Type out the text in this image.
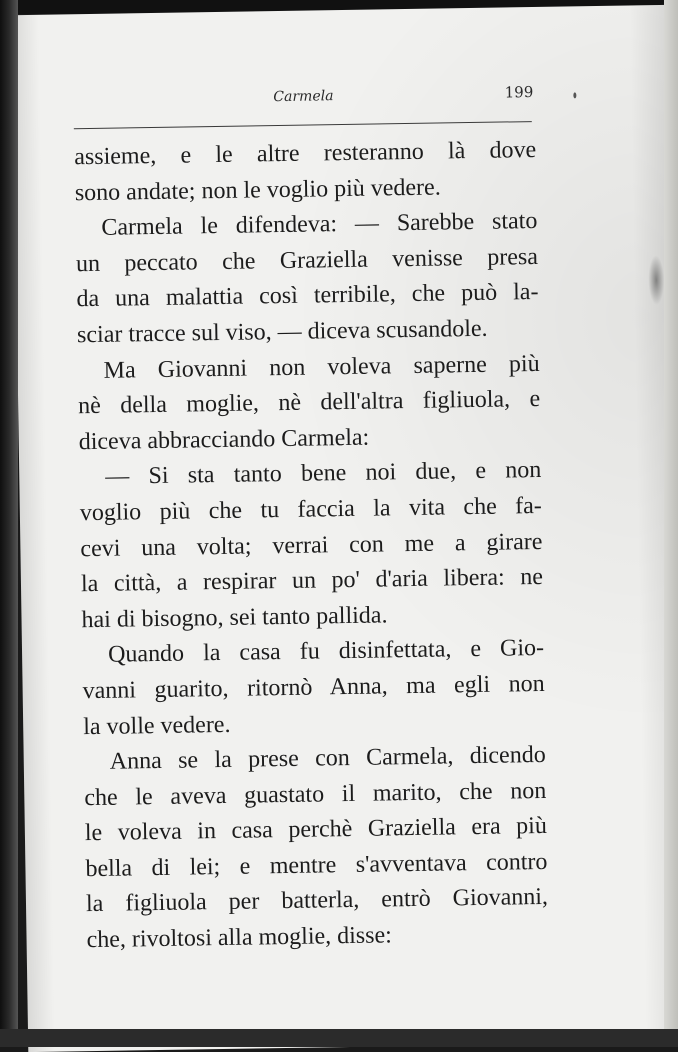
Carmela	199
assieme, e le altre resteranno là dove
sono andate; non le voglio più vedere.
Carmela le difendeva: — Sarebbe stato
un peccato che Graziella venisse presa
da una malattia così terribile, che può la-
sciar tracce sul viso, — diceva scusandole.
Ma Giovanni non voleva saperne più
nè della moglie, nè dell'altra figliuola, e
diceva abbracciando Carmela:
— Si sta tanto bene noi due, e non
voglio più che tu faccia la vita che fa-
cevi una volta; verrai con me a girare
la città, a respirar un po' d'aria libera: ne
hai di bisogno, sei tanto pallida.
Quando la casa fu disinfettata, e Gio-
vanni guarito, ritornò Anna, ma egli non
la volle vedere.
Anna se la prese con Carmela, dicendo
che le aveva guastato il marito, che non
le voleva in casa perchè Graziella era più
bella di lei; e mentre s'avventava contro
la figliuola per batterla, entrò Giovanni,
che, rivoltosi alla moglie, disse:
